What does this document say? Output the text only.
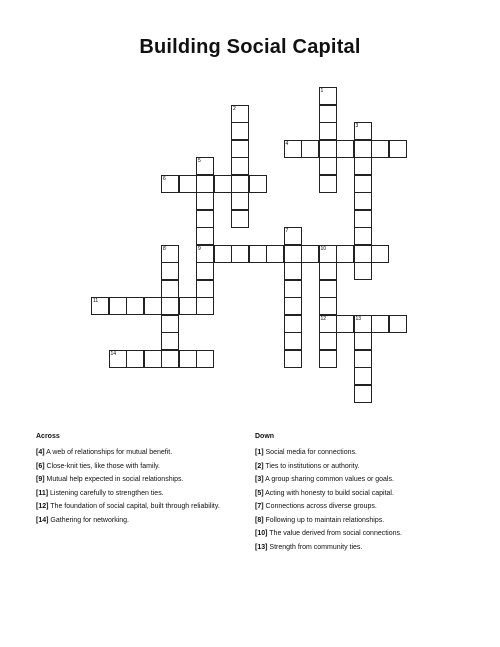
Building Social Capital
1
2
3
4
5
9
6
7
8	10
12
11
13
14
Across
[4] A web of relationships for mutual benefit.
[6] Close-knit ties, like those with family.
[9] Mutual help expected in social relationships.
[11] Listening carefully to strengthen ties.
[12] The foundation of social capital, built through reliability.
[14] Gathering for networking.
Down
[1] Social media for connections.
[2] Ties to institutions or authority.
[3] A group sharing common values or goals.
[5] Acting with honesty to build social capital.
[7] Connections across diverse groups.
[8] Following up to maintain relationships.
[10] The value derived from social connections.
[13] Strength from community ties.
